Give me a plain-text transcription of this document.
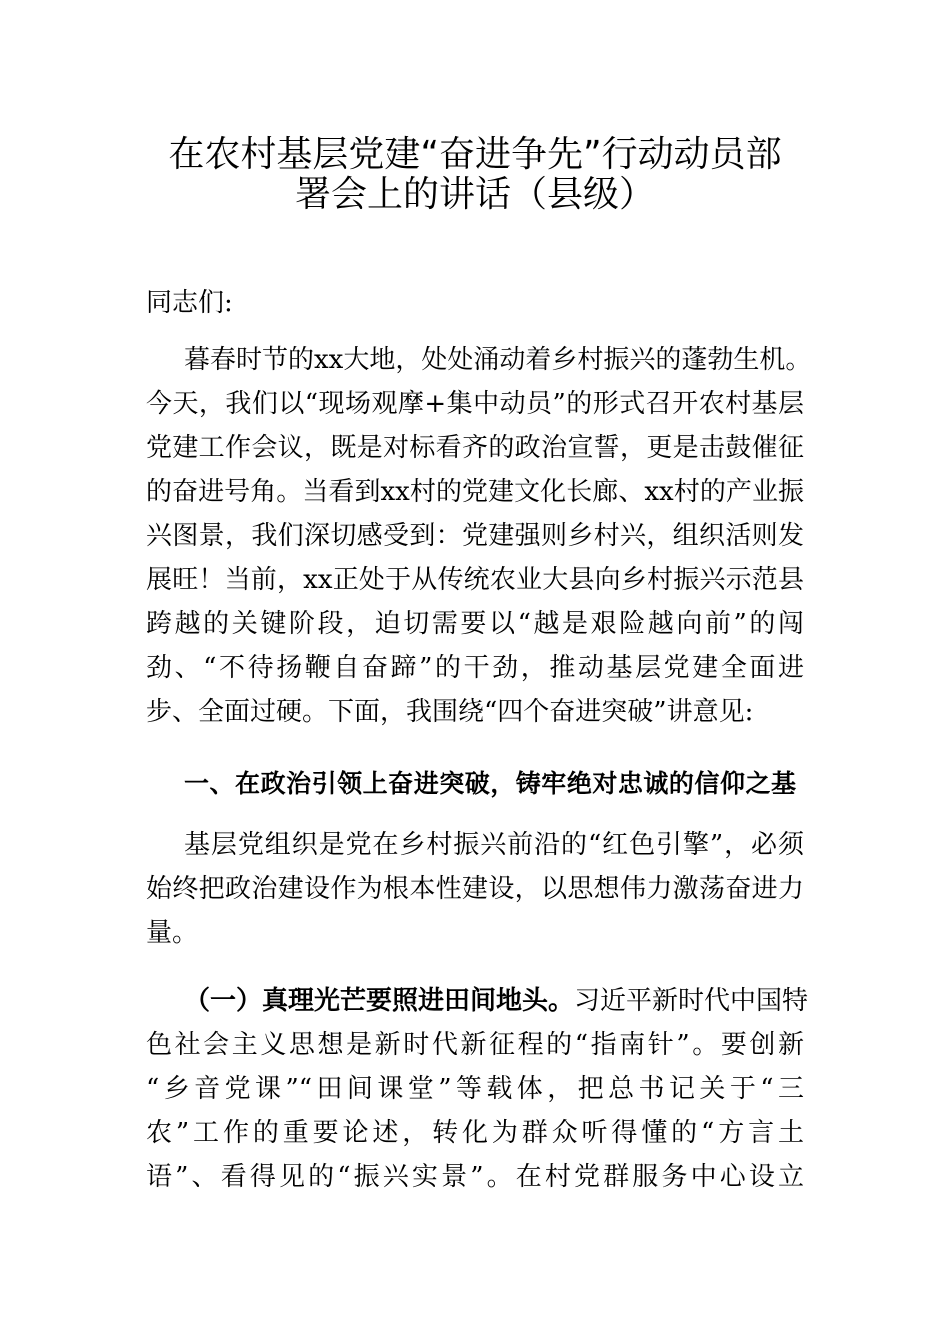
在农村基层党建“奋进争先”行动动员部
署会上的讲话（县级）
同志们:
暮春时节的xx大地，处处涌动着乡村振兴的蓬勃生机。
今天，我们以“现场观摩+集中动员”的形式召开农村基层
党建工作会议，既是对标看齐的政治宣誓，更是击鼓催征
的奋进号角。当看到xx村的党建文化长廊、xx村的产业振
兴图景，我们深切感受到：党建强则乡村兴，组织活则发
展旺！当前，xx正处于从传统农业大县向乡村振兴示范县
跨越的关键阶段，迫切需要以“越是艰险越向前”的闯
劲、“不待扬鞭自奋蹄”的干劲，推动基层党建全面进
步、全面过硬。下面，我围绕“四个奋进突破”讲意见:
一、在政治引领上奋进突破，铸牢绝对忠诚的信仰之基
基层党组织是党在乡村振兴前沿的“红色引擎”，必须
始终把政治建设作为根本性建设，以思想伟力激荡奋进力
量。
（一）真理光芒要照进田间地头。习近平新时代中国特
色社会主义思想是新时代新征程的“指南针”。要创新
“乡音党课”“田间课堂”等载体，把总书记关于“三
农”工作的重要论述，转化为群众听得懂的“方言土
语”、看得见的“振兴实景”。在村党群服务中心设立
